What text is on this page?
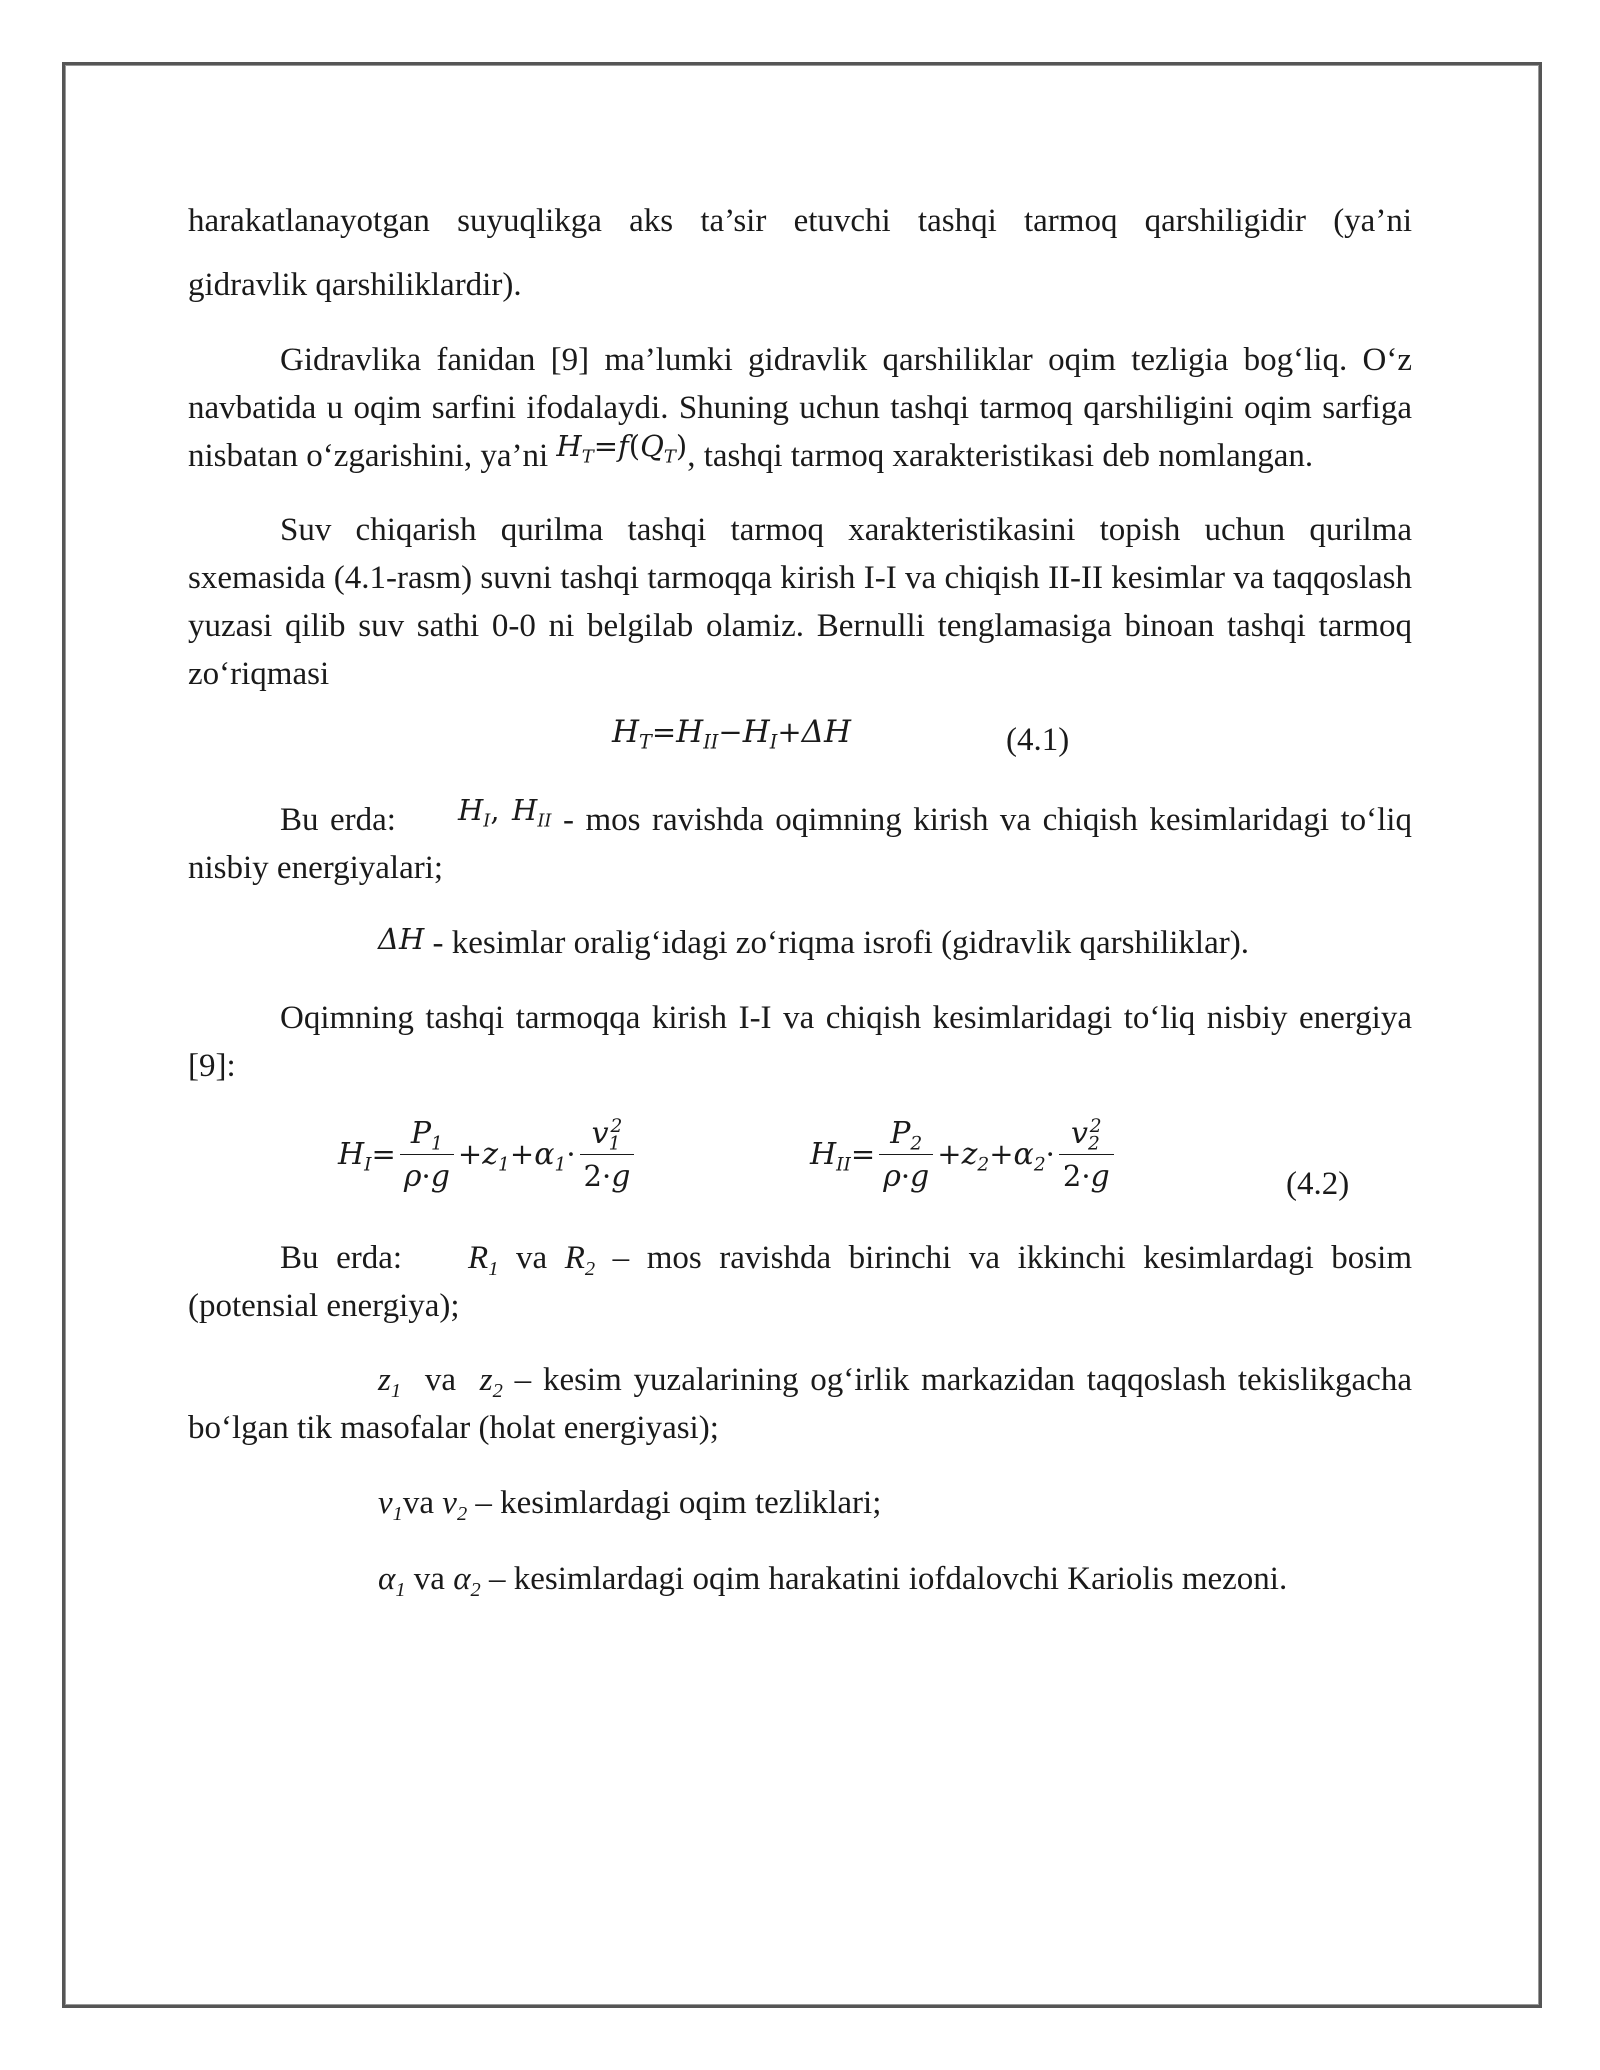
harakatlanayotgan suyuqlikga aks ta’sir etuvchi tashqi tarmoq qarshiligidir (ya’ni

gidravlik qarshiliklardir).

Gidravlika fanidan [9] ma’lumki gidravlik qarshiliklar oqim tezligia bog‘liq. O‘z navbatida u oqim sarfini ifodalaydi. Shuning uchun tashqi tarmoq qarshiligini oqim sarfiga nisbatan o‘zgarishini, ya’ni $H_T=f(Q_T)$, tashqi tarmoq xarakteristikasi deb nomlangan.

Suv chiqarish qurilma tashqi tarmoq xarakteristikasini topish uchun qurilma sxemasida (4.1-rasm) suvni tashqi tarmoqqa kirish I-I va chiqish II-II kesimlar va taqqoslash yuzasi qilib suv sathi 0-0 ni belgilab olamiz. Bernulli tenglamasiga binoan tashqi tarmoq zo‘riqmasi

$H_T=H_{II}-H_I+\Delta H$	(4.1)

Bu erda: $H_I$, $H_{II}$ - mos ravishda oqimning kirish va chiqish kesimlaridagi to‘liq nisbiy energiyalari;

ΔH - kesimlar oralig‘idagi zo‘riqma isrofi (gidravlik qarshiliklar).

Oqimning tashqi tarmoqqa kirish I-I va chiqish kesimlaridagi to‘liq nisbiy energiya [9]:

$H_I= \frac{P_1}{\rho\cdot g} +z_1+\alpha_1\cdot \frac{v_1^2}{2\cdot g}$	$H_{II}= \frac{P_2}{\rho\cdot g} +z_2+\alpha_2\cdot \frac{v_2^2}{2\cdot g}$	(4.2)

Bu erda: $R_1$ va $R_2$ – mos ravishda birinchi va ikkinchi kesimlardagi bosim (potensial energiya);

$z_1$ va $z_2$ – kesim yuzalarining og‘irlik markazidan taqqoslash tekislikgacha bo‘lgan tik masofalar (holat energiyasi);

$v_1va$ $v_2$ – kesimlardagi oqim tezliklari;

$\alpha_1$ va $\alpha_2$ – kesimlardagi oqim harakatini iofdalovchi Kariolis mezoni.
